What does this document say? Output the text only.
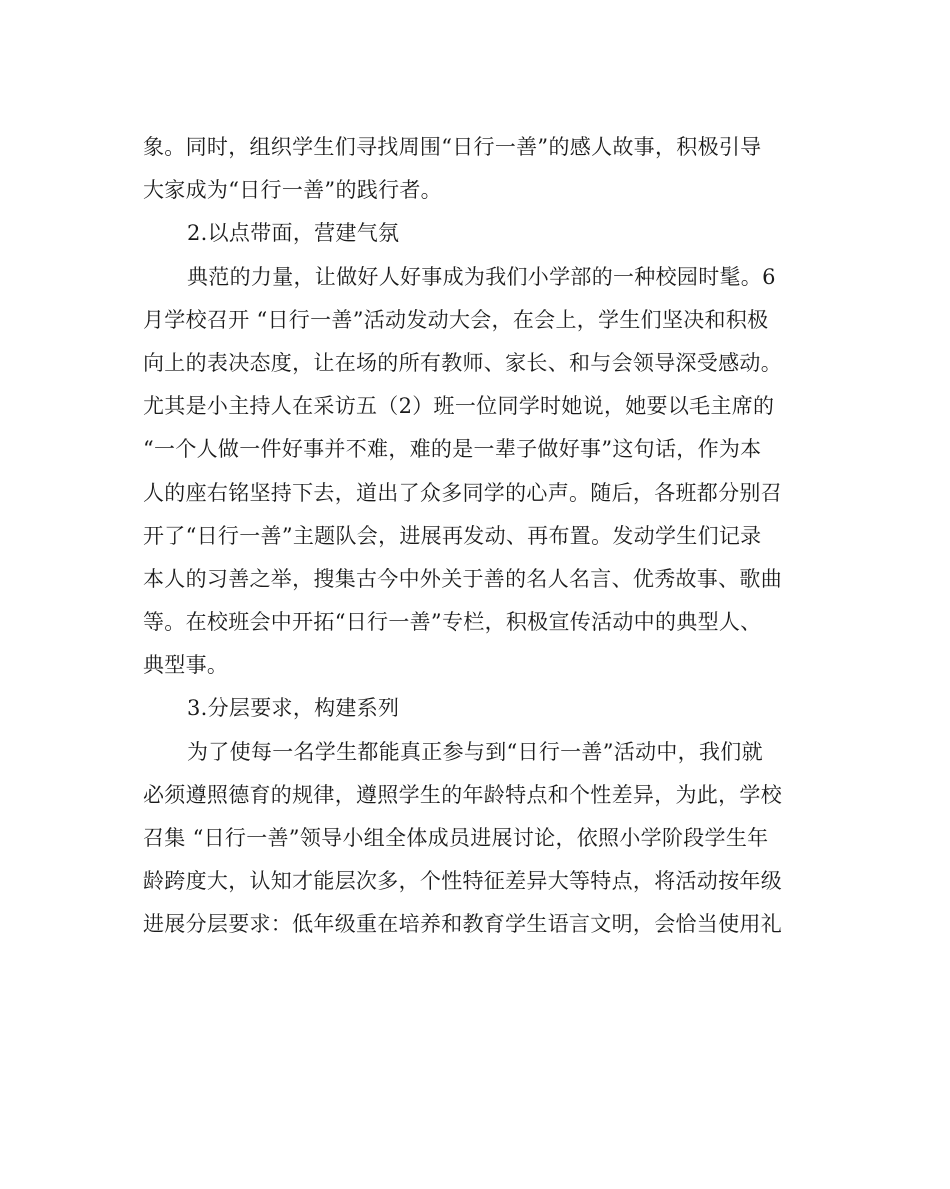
象。同时，组织学生们寻找周围“日行一善”的感人故事，积极引导
大家成为“日行一善”的践行者。
2.以点带面，营建气氛
典范的力量，让做好人好事成为我们小学部的一种校园时髦。6
月学校召开 “日行一善”活动发动大会，在会上，学生们坚决和积极
向上的表决态度，让在场的所有教师、家长、和与会领导深受感动。
尤其是小主持人在采访五（2）班一位同学时她说，她要以毛主席的
“一个人做一件好事并不难，难的是一辈子做好事”这句话，作为本
人的座右铭坚持下去，道出了众多同学的心声。随后，各班都分别召
开了“日行一善”主题队会，进展再发动、再布置。发动学生们记录
本人的习善之举，搜集古今中外关于善的名人名言、优秀故事、歌曲
等。在校班会中开拓“日行一善”专栏，积极宣传活动中的典型人、
典型事。
3.分层要求，构建系列
为了使每一名学生都能真正参与到“日行一善”活动中，我们就
必须遵照德育的规律，遵照学生的年龄特点和个性差异，为此，学校
召集 “日行一善”领导小组全体成员进展讨论，依照小学阶段学生年
龄跨度大，认知才能层次多，个性特征差异大等特点，将活动按年级
进展分层要求：低年级重在培养和教育学生语言文明，会恰当使用礼
